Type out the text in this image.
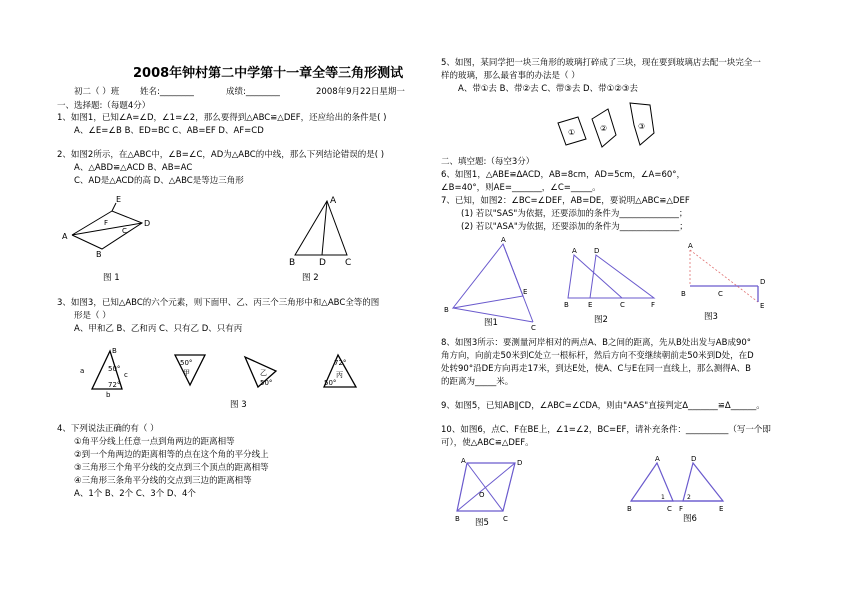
2008年钟村第二中学第十一章全等三角形测试
初二（ ）班 姓名:________	成绩:________	2008年9月22日星期一
一、选择题:（每题4分）
1、如图1，已知∠A=∠D，∠1=∠2，那么要得到△ABC≌△DEF，还应给出的条件是( )
A、∠E=∠B B、ED=BC C、AB=EF D、AF=CD
2、如图2所示，在△ABC中，∠B=∠C，AD为△ABC的中线，那么下列结论错误的是( )
A、△ABD≌△ACD B、AB=AC
C、AD是△ACD的高 D、△ABC是等边三角形
A
E
D
B
F
C
图 1
A
B	D C
图 2
3、如图3，已知△ABC的六个元素，则下面甲、乙、丙三个三角形中和△ABC全等的图
形是（ ）
A、甲和乙 B、乙和丙 C、只有乙 D、只有丙
B
50°
72°
a	c
b
50°
甲	乙
50°
72°
丙
50°
图 3
4、下列说法正确的有（ ）
①角平分线上任意一点到角两边的距离相等
②到一个角两边的距离相等的点在这个角的平分线上
③三角形三个角平分线的交点到三个顶点的距离相等
④三角形三条角平分线的交点到三边的距离相等
A、1个 B、2个 C、3个 D、4个
5、如图，某同学把一块三角形的玻璃打碎成了三块，现在要到玻璃店去配一块完全一
样的玻璃，那么最省事的办法是（ ）
A、带①去 B、带②去 C、带③去 D、带①②③去
①	②	③
二、填空题:（每空3分）
6、如图1，△ABE≌ΔACD，AB=8cm，AD=5cm，∠A=60°，
∠B=40°，则AE=_______，∠C=_____。
7、已知，如图2：∠BC=∠DEF，AB=DE，要说明△ABC≌△DEF
(1) 若以"SAS"为依据，还要添加的条件为______________；
(2) 若以"ASA"为依据，还要添加的条件为______________；
A
B
E
C
图1
A D
B	E	C	F
图2
A
B	C
D
E
图3
8、如图3所示：要测量河岸相对的两点A、B之间的距离，先从B处出发与AB成90°
角方向，向前走50米到C处立一根标杆，然后方向不变继续朝前走50米到D处，在D
处转90°沿DE方向再走17米，到达E处，使A、C与E在同一直线上，那么测得A、B
的距离为_____米。
9、如图5，已知AB∥CD，∠ABC=∠CDA，则由"AAS"直接判定Δ_______≌Δ______。
10、如图6，点C、F在BE上，∠1=∠2，BC=EF，请补充条件：__________（写一个即
可），使△ABC≌△DEF。
A	D
B	C
O
图5
A	D
B	C F	E
1	2
图6
